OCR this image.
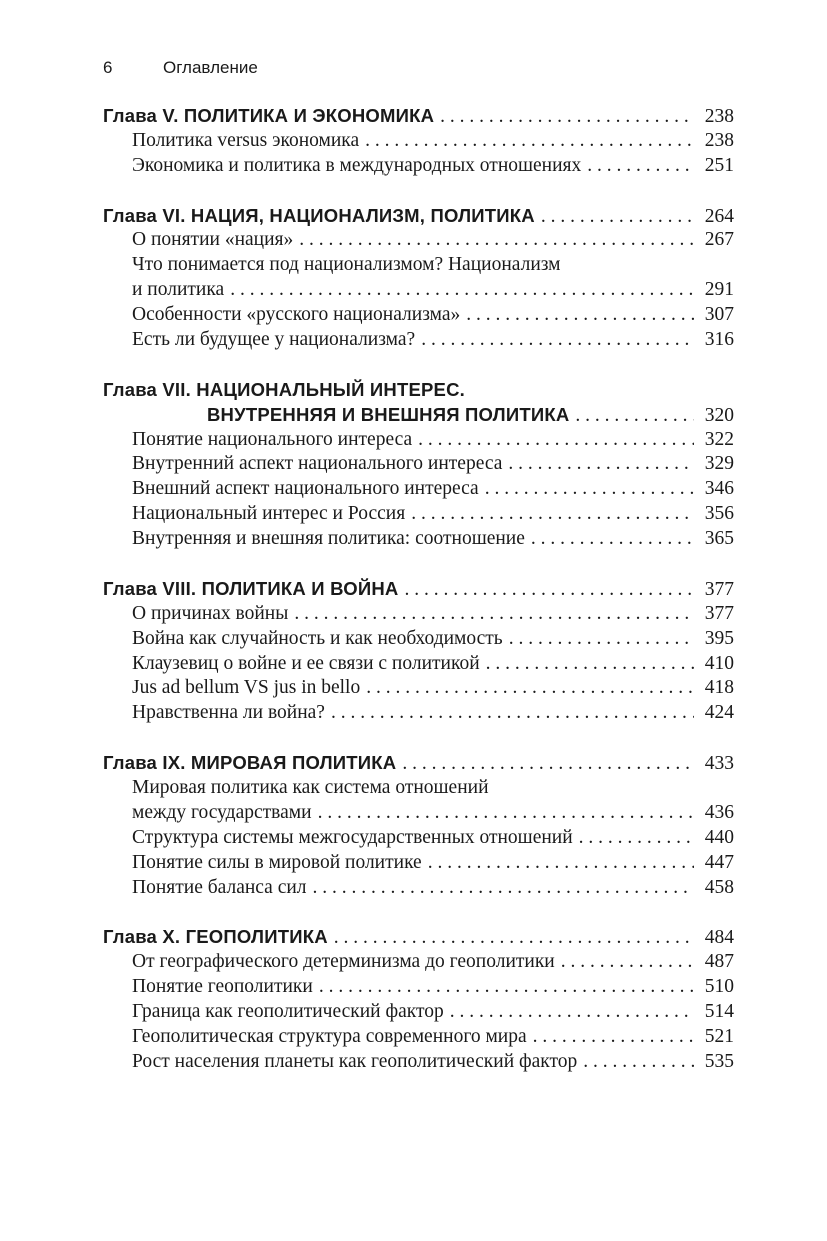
6	Оглавление
Глава V. ПОЛИТИКА И ЭКОНОМИКА . . .	238
Политика versus экономика . . .	238
Экономика и политика в международных отношениях . . .	251
Глава VI. НАЦИЯ, НАЦИОНАЛИЗМ, ПОЛИТИКА . . .	264
О понятии «нация» . . .	267
Что понимается под национализмом? Национализм
и политика . . .	291
Особенности «русского национализма» . . .	307
Есть ли будущее у национализма? . . .	316
Глава VII. НАЦИОНАЛЬНЫЙ ИНТЕРЕС.
ВНУТРЕННЯЯ И ВНЕШНЯЯ ПОЛИТИКА . . .	320
Понятие национального интереса . . .	322
Внутренний аспект национального интереса . . .	329
Внешний аспект национального интереса . . .	346
Национальный интерес и Россия . . .	356
Внутренняя и внешняя политика: соотношение . . .	365
Глава VIII. ПОЛИТИКА И ВОЙНА . . .	377
О причинах войны . . .	377
Война как случайность и как необходимость . . .	395
Клаузевиц о войне и ее связи с политикой . . .	410
Jus ad bellum VS jus in bello . . .	418
Нравственна ли война? . . .	424
Глава IX. МИРОВАЯ ПОЛИТИКА . . .	433
Мировая политика как система отношений
между государствами . . .	436
Структура системы межгосударственных отношений . . .	440
Понятие силы в мировой политике . . .	447
Понятие баланса сил . . .	458
Глава X. ГЕОПОЛИТИКА . . .	484
От географического детерминизма до геополитики . . .	487
Понятие геополитики . . .	510
Граница как геополитический фактор . . .	514
Геополитическая структура современного мира . . .	521
Рост населения планеты как геополитический фактор . . .	535
